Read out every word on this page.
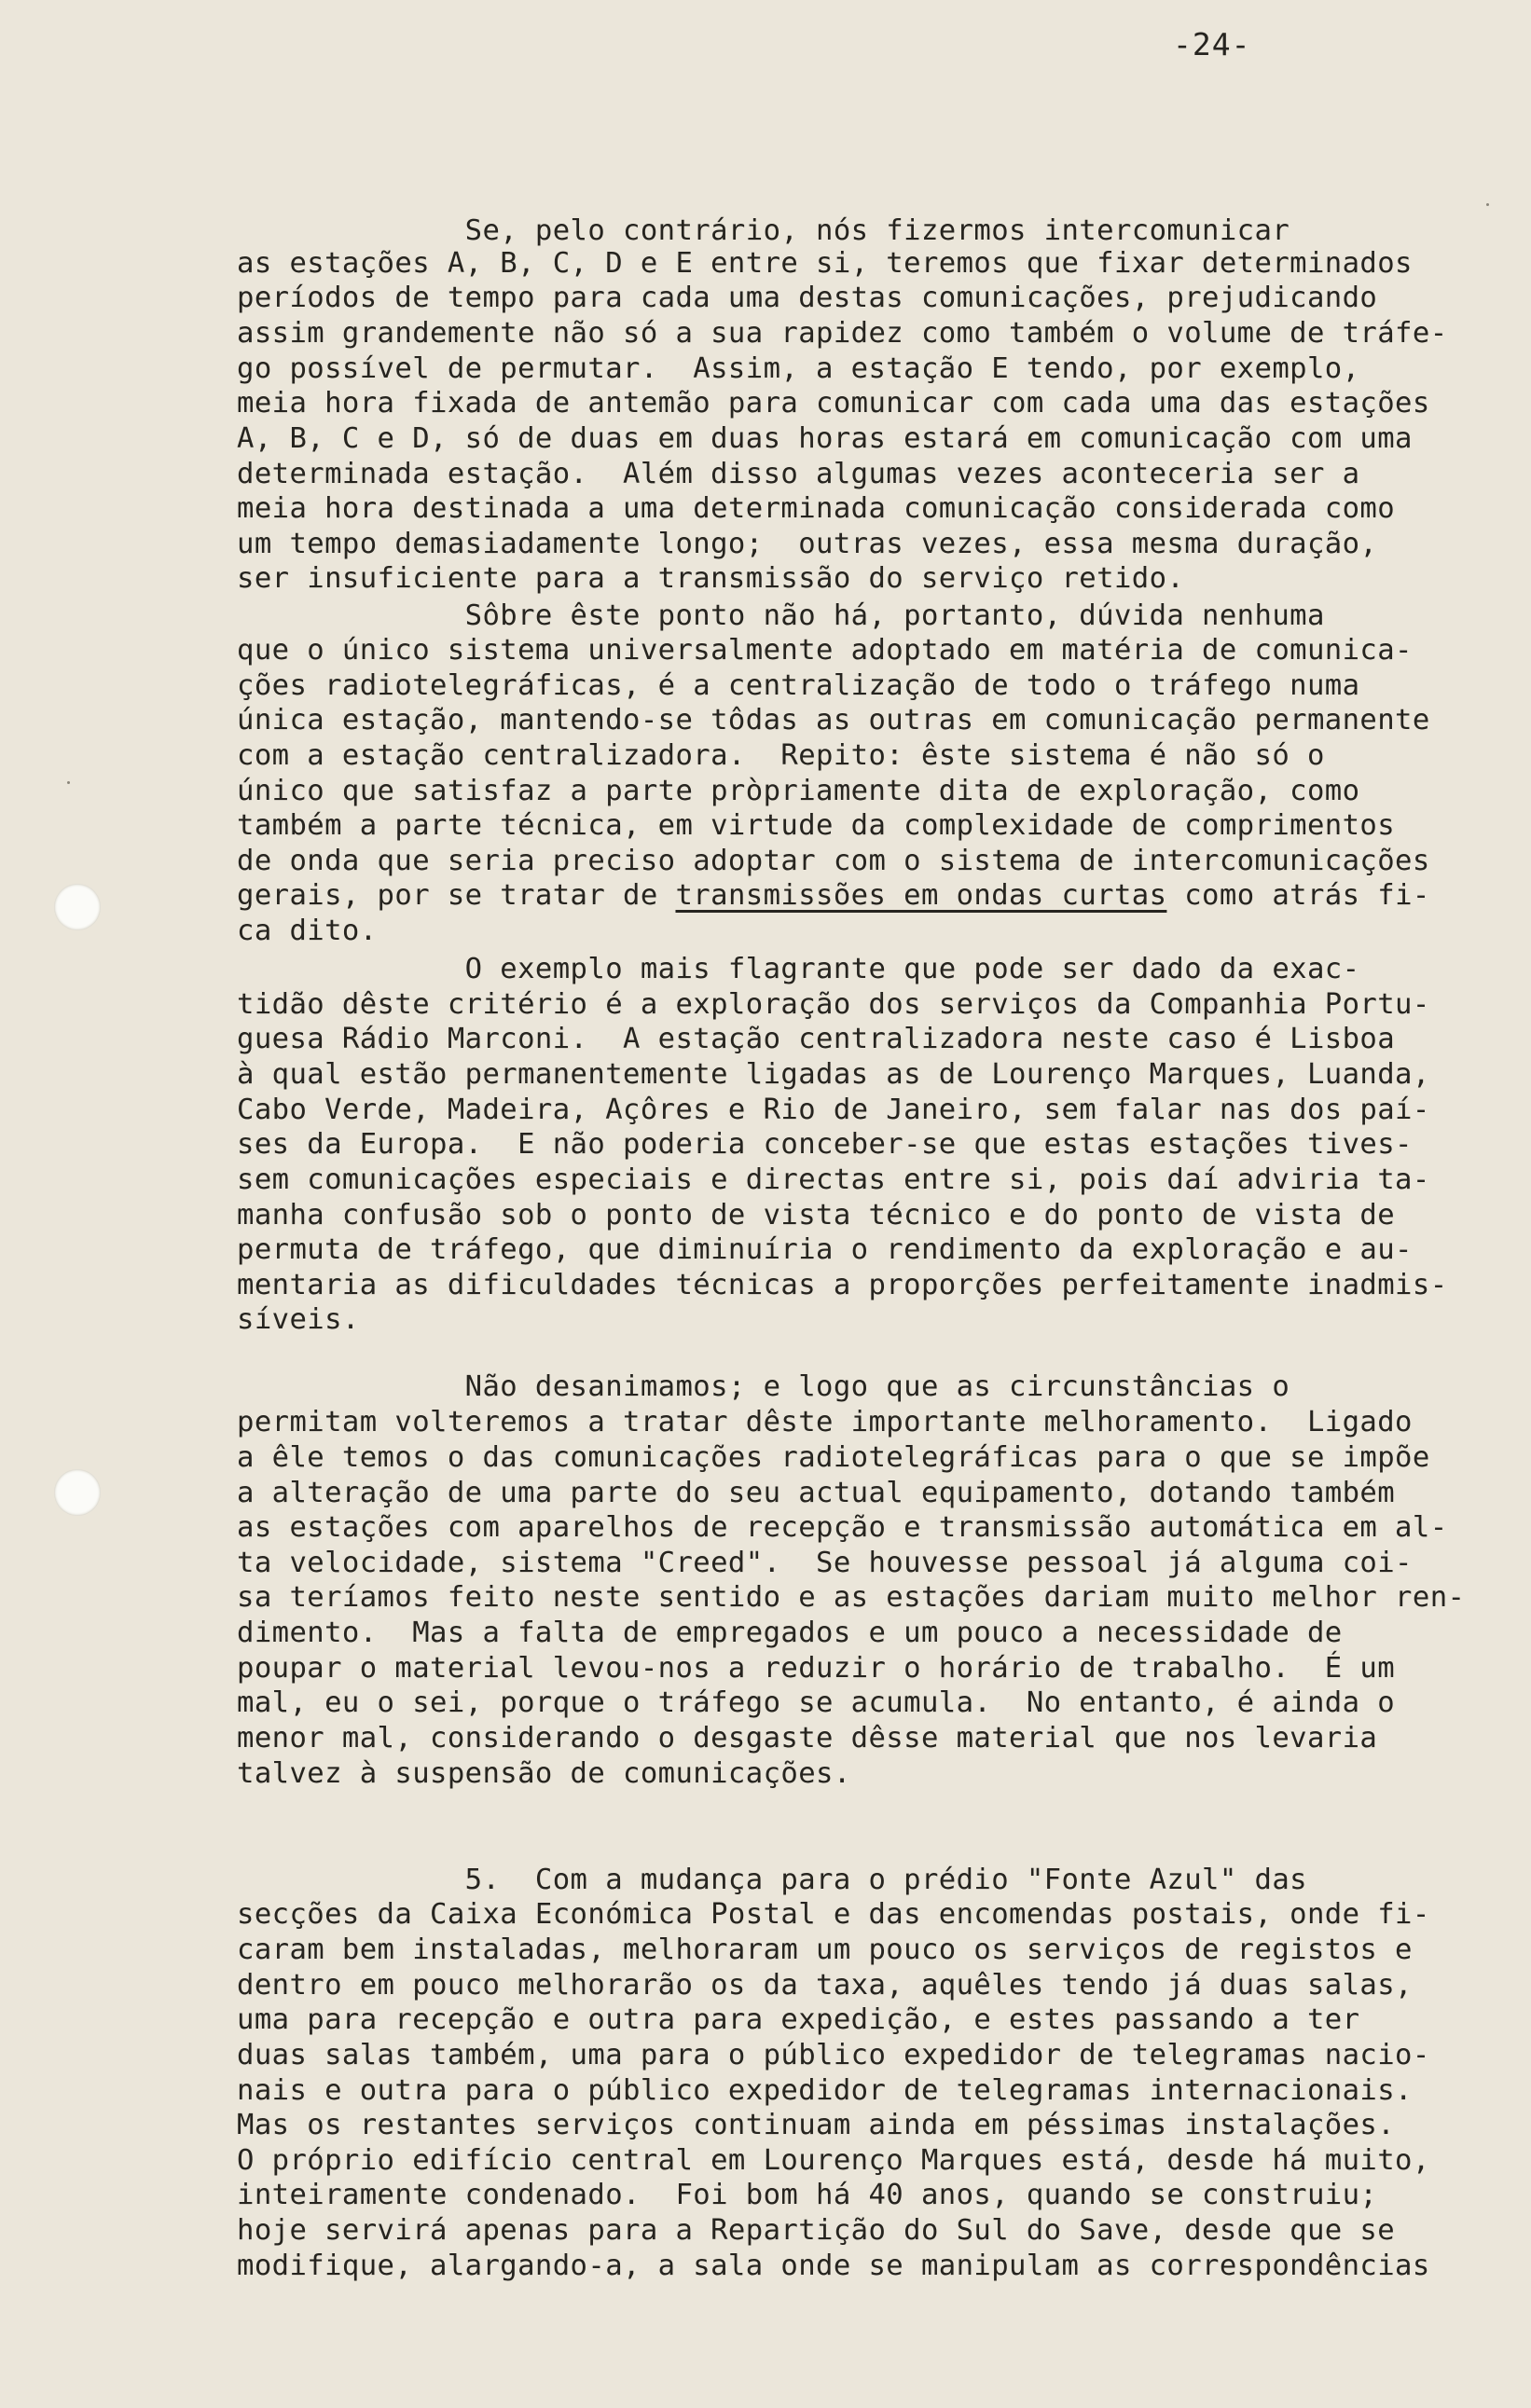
-24-
Se, pelo contrário, nós fizermos intercomunicar
as estações A, B, C, D e E entre si, teremos que fixar determinados
períodos de tempo para cada uma destas comunicações, prejudicando
assim grandemente não só a sua rapidez como também o volume de tráfe-
go possível de permutar.  Assim, a estação E tendo, por exemplo,
meia hora fixada de antemão para comunicar com cada uma das estações
A, B, C e D, só de duas em duas horas estará em comunicação com uma
determinada estação.  Além disso algumas vezes aconteceria ser a
meia hora destinada a uma determinada comunicação considerada como
um tempo demasiadamente longo;  outras vezes, essa mesma duração,
ser insuficiente para a transmissão do serviço retido.
Sôbre êste ponto não há, portanto, dúvida nenhuma
que o único sistema universalmente adoptado em matéria de comunica-
ções radiotelegráficas, é a centralização de todo o tráfego numa
única estação, mantendo-se tôdas as outras em comunicação permanente
com a estação centralizadora.  Repito: êste sistema é não só o
único que satisfaz a parte pròpriamente dita de exploração, como
também a parte técnica, em virtude da complexidade de comprimentos
de onda que seria preciso adoptar com o sistema de intercomunicações
gerais, por se tratar de transmissões em ondas curtas como atrás fi-
ca dito.
O exemplo mais flagrante que pode ser dado da exac-
tidão dêste critério é a exploração dos serviços da Companhia Portu-
guesa Rádio Marconi.  A estação centralizadora neste caso é Lisboa
à qual estão permanentemente ligadas as de Lourenço Marques, Luanda,
Cabo Verde, Madeira, Açôres e Rio de Janeiro, sem falar nas dos paí-
ses da Europa.  E não poderia conceber-se que estas estações tives-
sem comunicações especiais e directas entre si, pois daí adviria ta-
manha confusão sob o ponto de vista técnico e do ponto de vista de
permuta de tráfego, que diminuíria o rendimento da exploração e au-
mentaria as dificuldades técnicas a proporções perfeitamente inadmis-
síveis.
Não desanimamos; e logo que as circunstâncias o
permitam volteremos a tratar dêste importante melhoramento.  Ligado
a êle temos o das comunicações radiotelegráficas para o que se impõe
a alteração de uma parte do seu actual equipamento, dotando também
as estações com aparelhos de recepção e transmissão automática em al-
ta velocidade, sistema "Creed".  Se houvesse pessoal já alguma coi-
sa teríamos feito neste sentido e as estações dariam muito melhor ren-
dimento.  Mas a falta de empregados e um pouco a necessidade de
poupar o material levou-nos a reduzir o horário de trabalho.  É um
mal, eu o sei, porque o tráfego se acumula.  No entanto, é ainda o
menor mal, considerando o desgaste dêsse material que nos levaria
talvez à suspensão de comunicações.
5.  Com a mudança para o prédio "Fonte Azul" das
secções da Caixa Económica Postal e das encomendas postais, onde fi-
caram bem instaladas, melhoraram um pouco os serviços de registos e
dentro em pouco melhorarão os da taxa, aquêles tendo já duas salas,
uma para recepção e outra para expedição, e estes passando a ter
duas salas também, uma para o público expedidor de telegramas nacio-
nais e outra para o público expedidor de telegramas internacionais.
Mas os restantes serviços continuam ainda em péssimas instalações.
O próprio edifício central em Lourenço Marques está, desde há muito,
inteiramente condenado.  Foi bom há 40 anos, quando se construiu;
hoje servirá apenas para a Repartição do Sul do Save, desde que se
modifique, alargando-a, a sala onde se manipulam as correspondências
